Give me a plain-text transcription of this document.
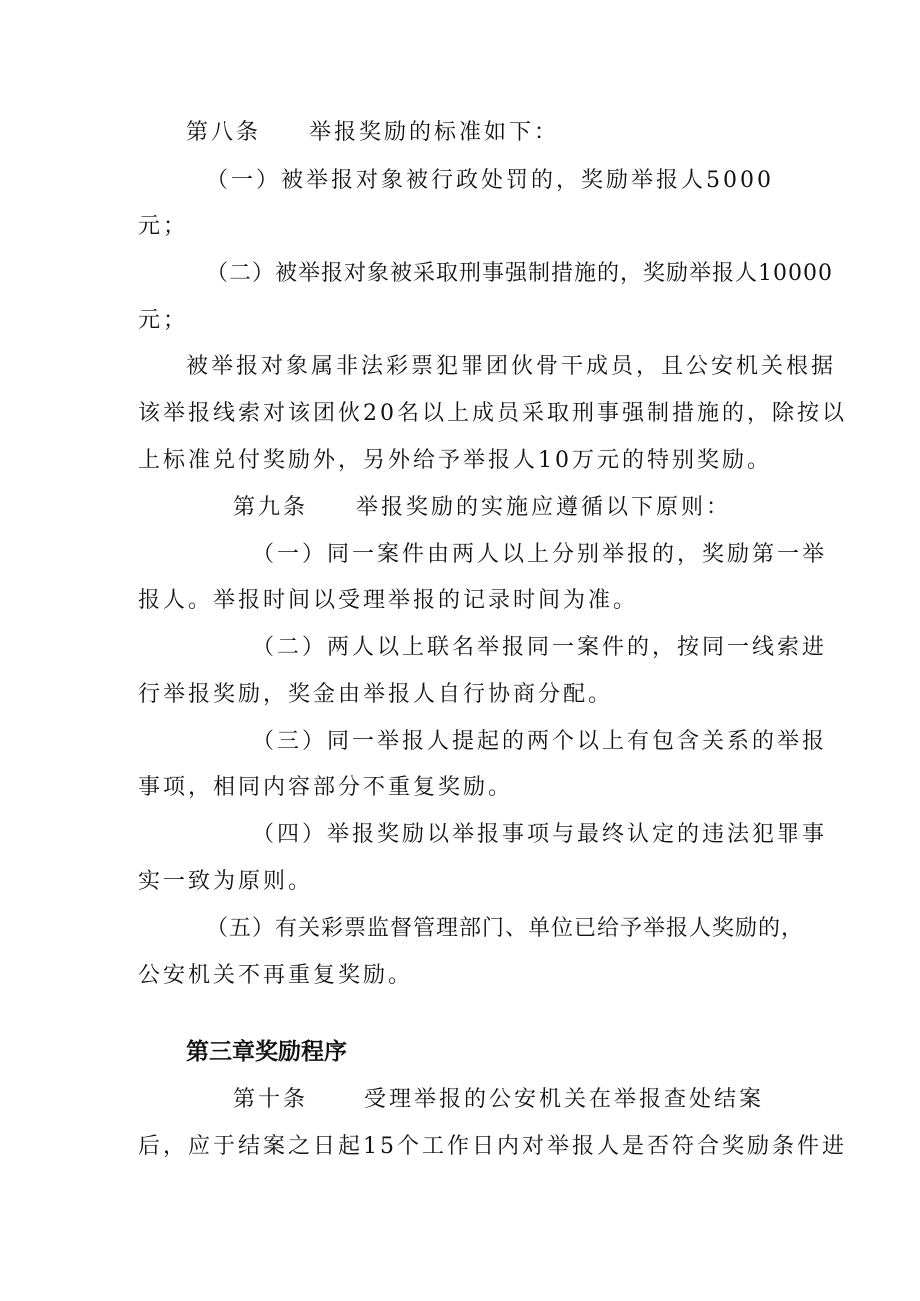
第八条 举报奖励的标准如下：
（一）被举报对象被行政处罚的，奖励举报人5000
元；
（二）被举报对象被采取刑事强制措施的，奖励举报人10000
元；
被举报对象属非法彩票犯罪团伙骨干成员，且公安机关根据
该举报线索对该团伙20名以上成员采取刑事强制措施的，除按以
上标准兑付奖励外，另外给予举报人10万元的特别奖励。
第九条 举报奖励的实施应遵循以下原则：
（一）同一案件由两人以上分别举报的，奖励第一举
报人。举报时间以受理举报的记录时间为准。
（二）两人以上联名举报同一案件的，按同一线索进
行举报奖励，奖金由举报人自行协商分配。
（三）同一举报人提起的两个以上有包含关系的举报
事项，相同内容部分不重复奖励。
（四）举报奖励以举报事项与最终认定的违法犯罪事
实一致为原则。
（五）有关彩票监督管理部门、单位已给予举报人奖励的，
公安机关不再重复奖励。
第三章奖励程序
第十条	受理举报的公安机关在举报查处结案
后，应于结案之日起15个工作日内对举报人是否符合奖励条件进
